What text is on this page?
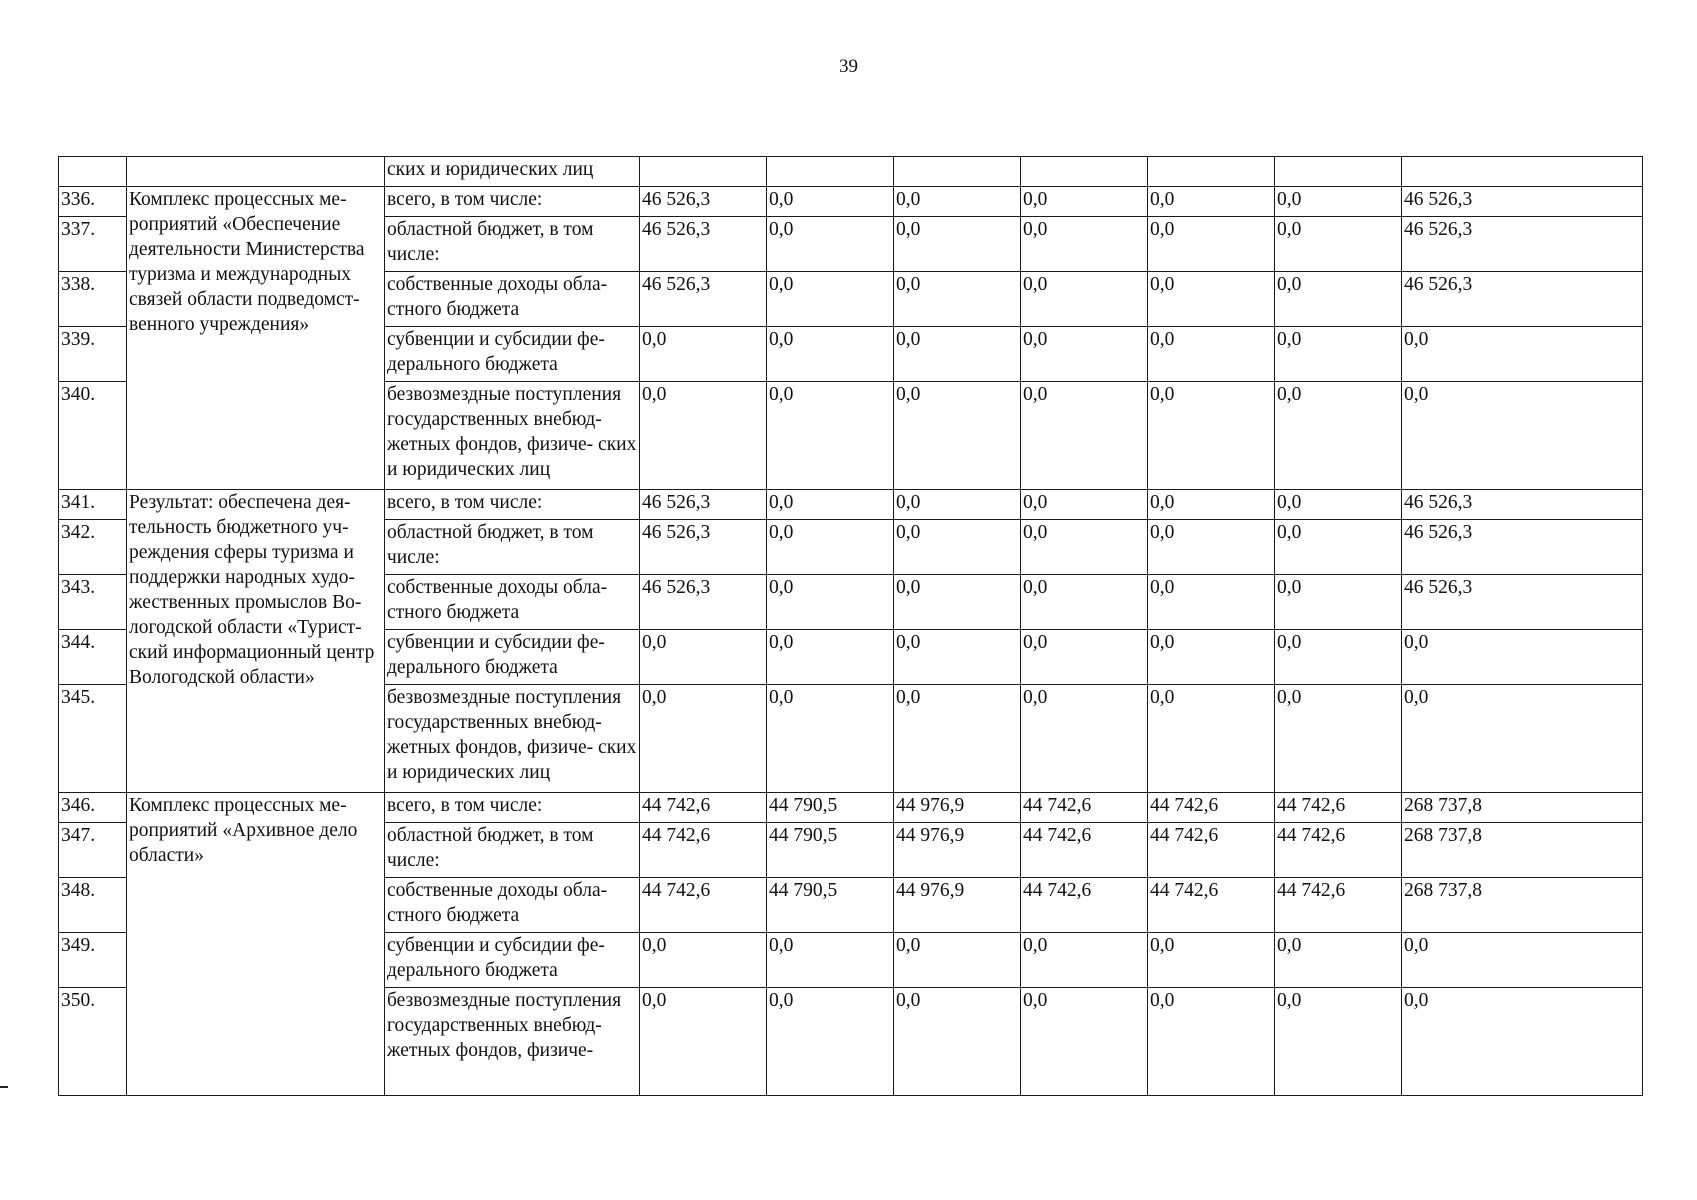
39
		ских и юридических лиц							
336.	Комплекс процессных ме- роприятий «Обеспечение деятельности Министерства туризма и международных связей области подведомст- венного учреждения»	всего, в том числе:	46 526,3	0,0	0,0	0,0	0,0	0,0	46 526,3
337.		областной бюджет, в том числе:	46 526,3	0,0	0,0	0,0	0,0	0,0	46 526,3
338.		собственные доходы обла- стного бюджета	46 526,3	0,0	0,0	0,0	0,0	0,0	46 526,3
339.		субвенции и субсидии фе- дерального бюджета	0,0	0,0	0,0	0,0	0,0	0,0	0,0
340.		безвозмездные поступления государственных внебюд- жетных фондов, физиче- ских и юридических лиц	0,0	0,0	0,0	0,0	0,0	0,0	0,0
341.	Результат: обеспечена дея- тельность бюджетного уч- реждения сферы туризма и поддержки народных худо- жественных промыслов Во- логодской области «Турист- ский информационный центр Вологодской области»	всего, в том числе:	46 526,3	0,0	0,0	0,0	0,0	0,0	46 526,3
342.		областной бюджет, в том числе:	46 526,3	0,0	0,0	0,0	0,0	0,0	46 526,3
343.		собственные доходы обла- стного бюджета	46 526,3	0,0	0,0	0,0	0,0	0,0	46 526,3
344.		субвенции и субсидии фе- дерального бюджета	0,0	0,0	0,0	0,0	0,0	0,0	0,0
345.		безвозмездные поступления государственных внебюд- жетных фондов, физиче- ских и юридических лиц	0,0	0,0	0,0	0,0	0,0	0,0	0,0
346.	Комплекс процессных ме- роприятий «Архивное дело области»	всего, в том числе:	44 742,6	44 790,5	44 976,9	44 742,6	44 742,6	44 742,6	268 737,8
347.		областной бюджет, в том числе:	44 742,6	44 790,5	44 976,9	44 742,6	44 742,6	44 742,6	268 737,8
348.		собственные доходы обла- стного бюджета	44 742,6	44 790,5	44 976,9	44 742,6	44 742,6	44 742,6	268 737,8
349.		субвенции и субсидии фе- дерального бюджета	0,0	0,0	0,0	0,0	0,0	0,0	0,0
350.		безвозмездные поступления государственных внебюд- жетных фондов, физиче-	0,0	0,0	0,0	0,0	0,0	0,0	0,0
